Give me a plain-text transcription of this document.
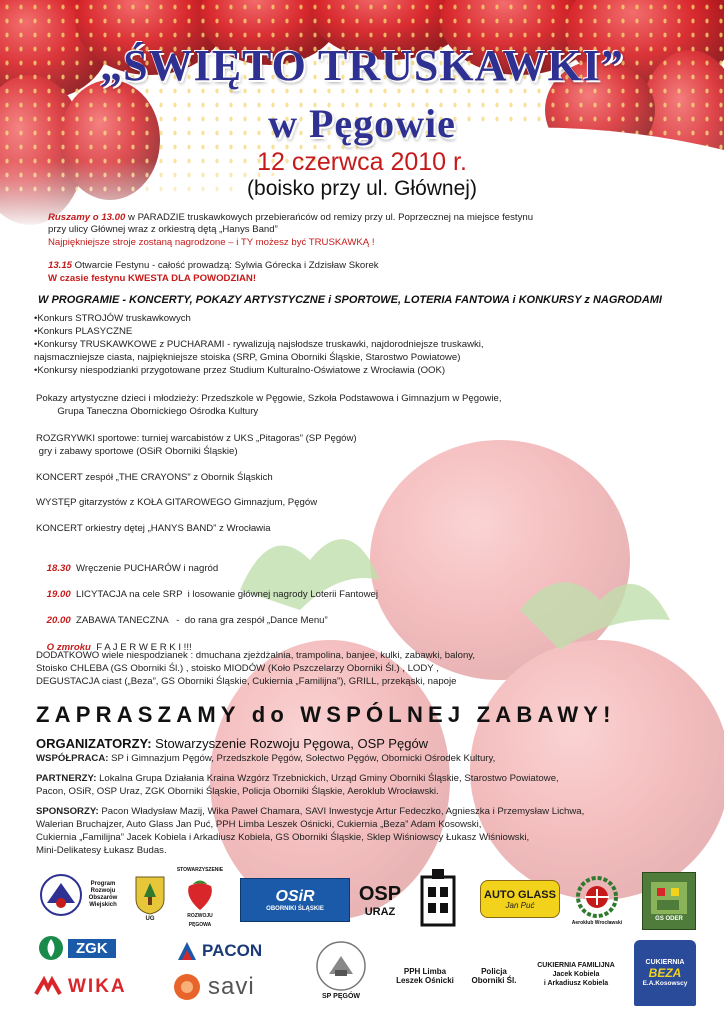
„ŚWIĘTO TRUSKAWKI”
w Pęgowie
12 czerwca 2010 r.
(boisko przy ul. Głównej)
Ruszamy o 13.00 w PARADZIE truskawkowych przebierańców od remizy przy ul. Poprzecznej na miejsce festynu
przy ulicy Głównej wraz z orkiestrą dętą „Hanys Band”
Najpiękniejsze stroje zostaną nagrodzone – i TY możesz być TRUSKAWKĄ !
13.15 Otwarcie Festynu - całość prowadzą: Sylwia Górecka i Zdzisław Skorek
W czasie festynu KWESTA DLA POWODZIAN!
W PROGRAMIE - KONCERTY, POKAZY ARTYSTYCZNE i SPORTOWE, LOTERIA FANTOWA i KONKURSY z NAGRODAMI
•Konkurs STROJÓW truskawkowych
•Konkurs PLASYCZNE
•Konkursy TRUSKAWKOWE z PUCHARAMI - rywalizują najsłodsze truskawki, najdorodniejsze truskawki,
najsmaczniejsze ciasta, najpiękniejsze stoiska (SRP, Gmina Oborniki Śląskie, Starostwo Powiatowe)
•Konkursy niespodzianki przygotowane przez Studium Kulturalno-Oświatowe z Wrocławia (OOK)
Pokazy artystyczne dzieci i młodzieży: Przedszkole w Pęgowie, Szkoła Podstawowa i Gimnazjum w Pęgowie,
Grupa Taneczna Obornickiego Ośrodka Kultury
ROZGRYWKI sportowe: turniej warcabistów z UKS „Pitagoras” (SP Pęgów)
gry i zabawy sportowe (OSiR Oborniki Śląskie)
KONCERT zespół „THE CRAYONS” z Obornik Śląskich
WYSTĘP gitarzystów z KOŁA GITAROWEGO Gimnazjum, Pęgów
KONCERT orkiestry dętej „HANYS BAND” z Wrocławia

18.30  Wręczenie PUCHARÓW i nagród

19.00  LICYTACJA na cele SRP  i losowanie głównej nagrody Loterii Fantowej

20.00  ZABAWA TANECZNA   -  do rana gra zespół „Dance Menu”

O zmroku  F A J E R W E R K I !!!

DODATKOWO wiele niespodzianek : dmuchana zjeżdżalnia, trampolina, banjee, kulki, zabawki, balony,
Stoisko CHLEBA (GS Oborniki Śl.) , stoisko MIODÓW (Koło Pszczelarzy Oborniki Śl.) , LODY ,
DEGUSTACJA ciast („Beza”, GS Oborniki Śląskie, Cukiernia „Familijna”), GRILL, przekąski, napoje
ZAPRASZAMY do WSPÓLNEJ ZABAWY!
ORGANIZATORZY: Stowarzyszenie Rozwoju Pęgowa, OSP Pęgów
WSPÓŁPRACA: SP i Gimnazjum Pęgów, Przedszkole Pęgów, Sołectwo Pęgów, Obornicki Ośrodek Kultury,
PARTNERZY: Lokalna Grupa Działania Kraina Wzgórz Trzebnickich, Urząd Gminy Oborniki Śląskie, Starostwo Powiatowe,
Pacon, OSiR, OSP Uraz, ZGK Oborniki Śląskie, Policja Oborniki Śląskie, Aeroklub Wrocławski.
SPONSORZY: Pacon Władysław Mazij, Wika Paweł Chamara, SAVI Inwestycje Artur Fedeczko, Agnieszka i Przemysław Lichwa,
Walerian Bruchajzer, Auto Glass Jan Puć, PPH Limba Leszek Ośnicki, Cukiernia „Beza” Adam Kosowski,
Cukiernia „Familijna” Jacek Kobiela i Arkadiusz Kobiela, GS Oborniki Śląskie, Sklep Wiśniowscy Łukasz Wiśniowski,
Mini-Delikatesy Łukasz Budas.
Program Rozwoju Obszarów Wiejskich
UG
STOWARZYSZENIE
ROZWOJU PĘGOWA
OSiR
OBORNIKI ŚLĄSKIE
OSP
URAZ
AUTO GLASS
Jan Puć
Aeroklub Wrocławski
GS ODER
ZGK
WIKA
PACON
savi	SP PĘGÓW
PPH Limba
Leszek Ośnicki
Policja
Oborniki Śl.
CUKIERNIA FAMILIJNA
Jacek Kobiela
i Arkadiusz Kobiela
CUKIERNIA
BEZA
E.A.Kosowscy
